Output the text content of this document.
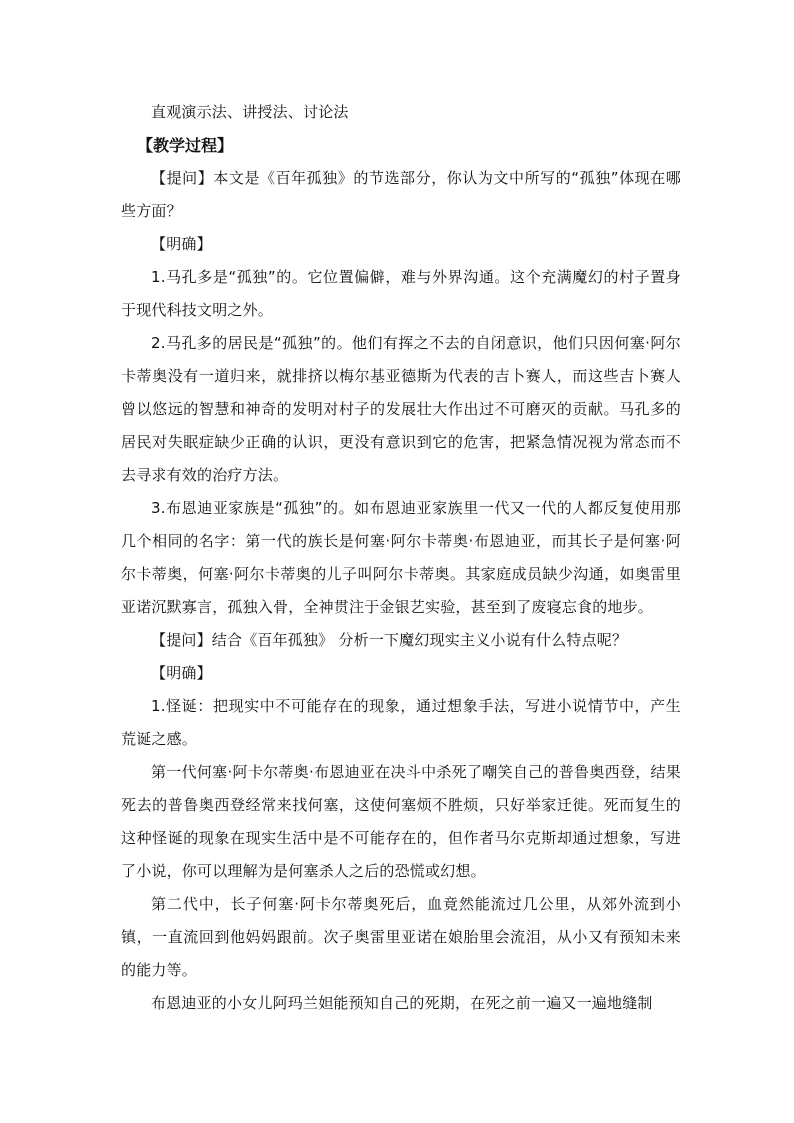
直观演示法、讲授法、讨论法

【教学过程】

【提问】本文是《百年孤独》的节选部分，你认为文中所写的“孤独”体现在哪些方面？

【明确】

1.马孔多是“孤独”的。它位置偏僻，难与外界沟通。这个充满魔幻的村子置身于现代科技文明之外。

2.马孔多的居民是“孤独”的。他们有挥之不去的自闭意识，他们只因何塞·阿尔卡蒂奥没有一道归来，就排挤以梅尔基亚德斯为代表的吉卜赛人，而这些吉卜赛人曾以悠远的智慧和神奇的发明对村子的发展壮大作出过不可磨灭的贡献。马孔多的居民对失眠症缺少正确的认识，更没有意识到它的危害，把紧急情况视为常态而不去寻求有效的治疗方法。

3.布恩迪亚家族是“孤独”的。如布恩迪亚家族里一代又一代的人都反复使用那几个相同的名字：第一代的族长是何塞·阿尔卡蒂奥·布恩迪亚，而其长子是何塞·阿尔卡蒂奥，何塞·阿尔卡蒂奥的儿子叫阿尔卡蒂奥。其家庭成员缺少沟通，如奥雷里亚诺沉默寡言，孤独入骨，全神贯注于金银艺实验，甚至到了废寝忘食的地步。

【提问】结合《百年孤独》 分析一下魔幻现实主义小说有什么特点呢？

【明确】

1.怪诞：把现实中不可能存在的现象，通过想象手法，写进小说情节中，产生荒诞之感。

第一代何塞·阿卡尔蒂奥·布恩迪亚在决斗中杀死了嘲笑自己的普鲁奥西登，结果死去的普鲁奥西登经常来找何塞，这使何塞烦不胜烦，只好举家迁徙。死而复生的这种怪诞的现象在现实生活中是不可能存在的，但作者马尔克斯却通过想象，写进了小说，你可以理解为是何塞杀人之后的恐慌或幻想。

第二代中，长子何塞·阿卡尔蒂奥死后，血竟然能流过几公里，从郊外流到小镇，一直流回到他妈妈跟前。次子奥雷里亚诺在娘胎里会流泪，从小又有预知未来的能力等。

布恩迪亚的小女儿阿玛兰妲能预知自己的死期，在死之前一遍又一遍地缝制
